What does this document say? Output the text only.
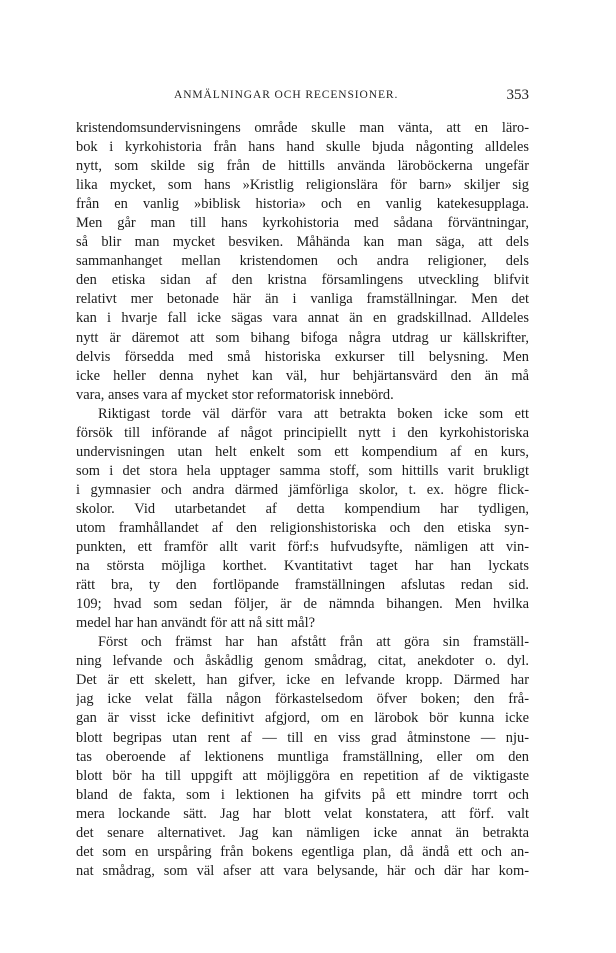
ANMÄLNINGAR OCH RECENSIONER.	353
kristendomsundervisningens område skulle man vänta, att en läro-
bok i kyrkohistoria från hans hand skulle bjuda någonting alldeles
nytt, som skilde sig från de hittills använda läroböckerna ungefär
lika mycket, som hans »Kristlig religionslära för barn» skiljer sig
från en vanlig »biblisk historia» och en vanlig katekesupplaga.
Men går man till hans kyrkohistoria med sådana förväntningar,
så blir man mycket besviken. Måhända kan man säga, att dels
sammanhanget mellan kristendomen och andra religioner, dels
den etiska sidan af den kristna församlingens utveckling blifvit
relativt mer betonade här än i vanliga framställningar. Men det
kan i hvarje fall icke sägas vara annat än en gradskillnad. Alldeles
nytt är däremot att som bihang bifoga några utdrag ur källskrifter,
delvis försedda med små historiska exkurser till belysning. Men
icke heller denna nyhet kan väl, hur behjärtansvärd den än må
vara, anses vara af mycket stor reformatorisk innebörd.
Riktigast torde väl därför vara att betrakta boken icke som ett
försök till införande af något principiellt nytt i den kyrkohistoriska
undervisningen utan helt enkelt som ett kompendium af en kurs,
som i det stora hela upptager samma stoff, som hittills varit brukligt
i gymnasier och andra därmed jämförliga skolor, t. ex. högre flick-
skolor. Vid utarbetandet af detta kompendium har tydligen,
utom framhållandet af den religionshistoriska och den etiska syn-
punkten, ett framför allt varit förf:s hufvudsyfte, nämligen att vin-
na största möjliga korthet. Kvantitativt taget har han lyckats
rätt bra, ty den fortlöpande framställningen afslutas redan sid.
109; hvad som sedan följer, är de nämnda bihangen. Men hvilka
medel har han användt för att nå sitt mål?
Först och främst har han afstått från att göra sin framställ-
ning lefvande och åskådlig genom smådrag, citat, anekdoter o. dyl.
Det är ett skelett, han gifver, icke en lefvande kropp. Därmed har
jag icke velat fälla någon förkastelsedom öfver boken; den frå-
gan är visst icke definitivt afgjord, om en lärobok bör kunna icke
blott begripas utan rent af — till en viss grad åtminstone — nju-
tas oberoende af lektionens muntliga framställning, eller om den
blott bör ha till uppgift att möjliggöra en repetition af de viktigaste
bland de fakta, som i lektionen ha gifvits på ett mindre torrt och
mera lockande sätt. Jag har blott velat konstatera, att förf. valt
det senare alternativet. Jag kan nämligen icke annat än betrakta
det som en urspåring från bokens egentliga plan, då ändå ett och an-
nat smådrag, som väl afser att vara belysande, här och där har kom-
